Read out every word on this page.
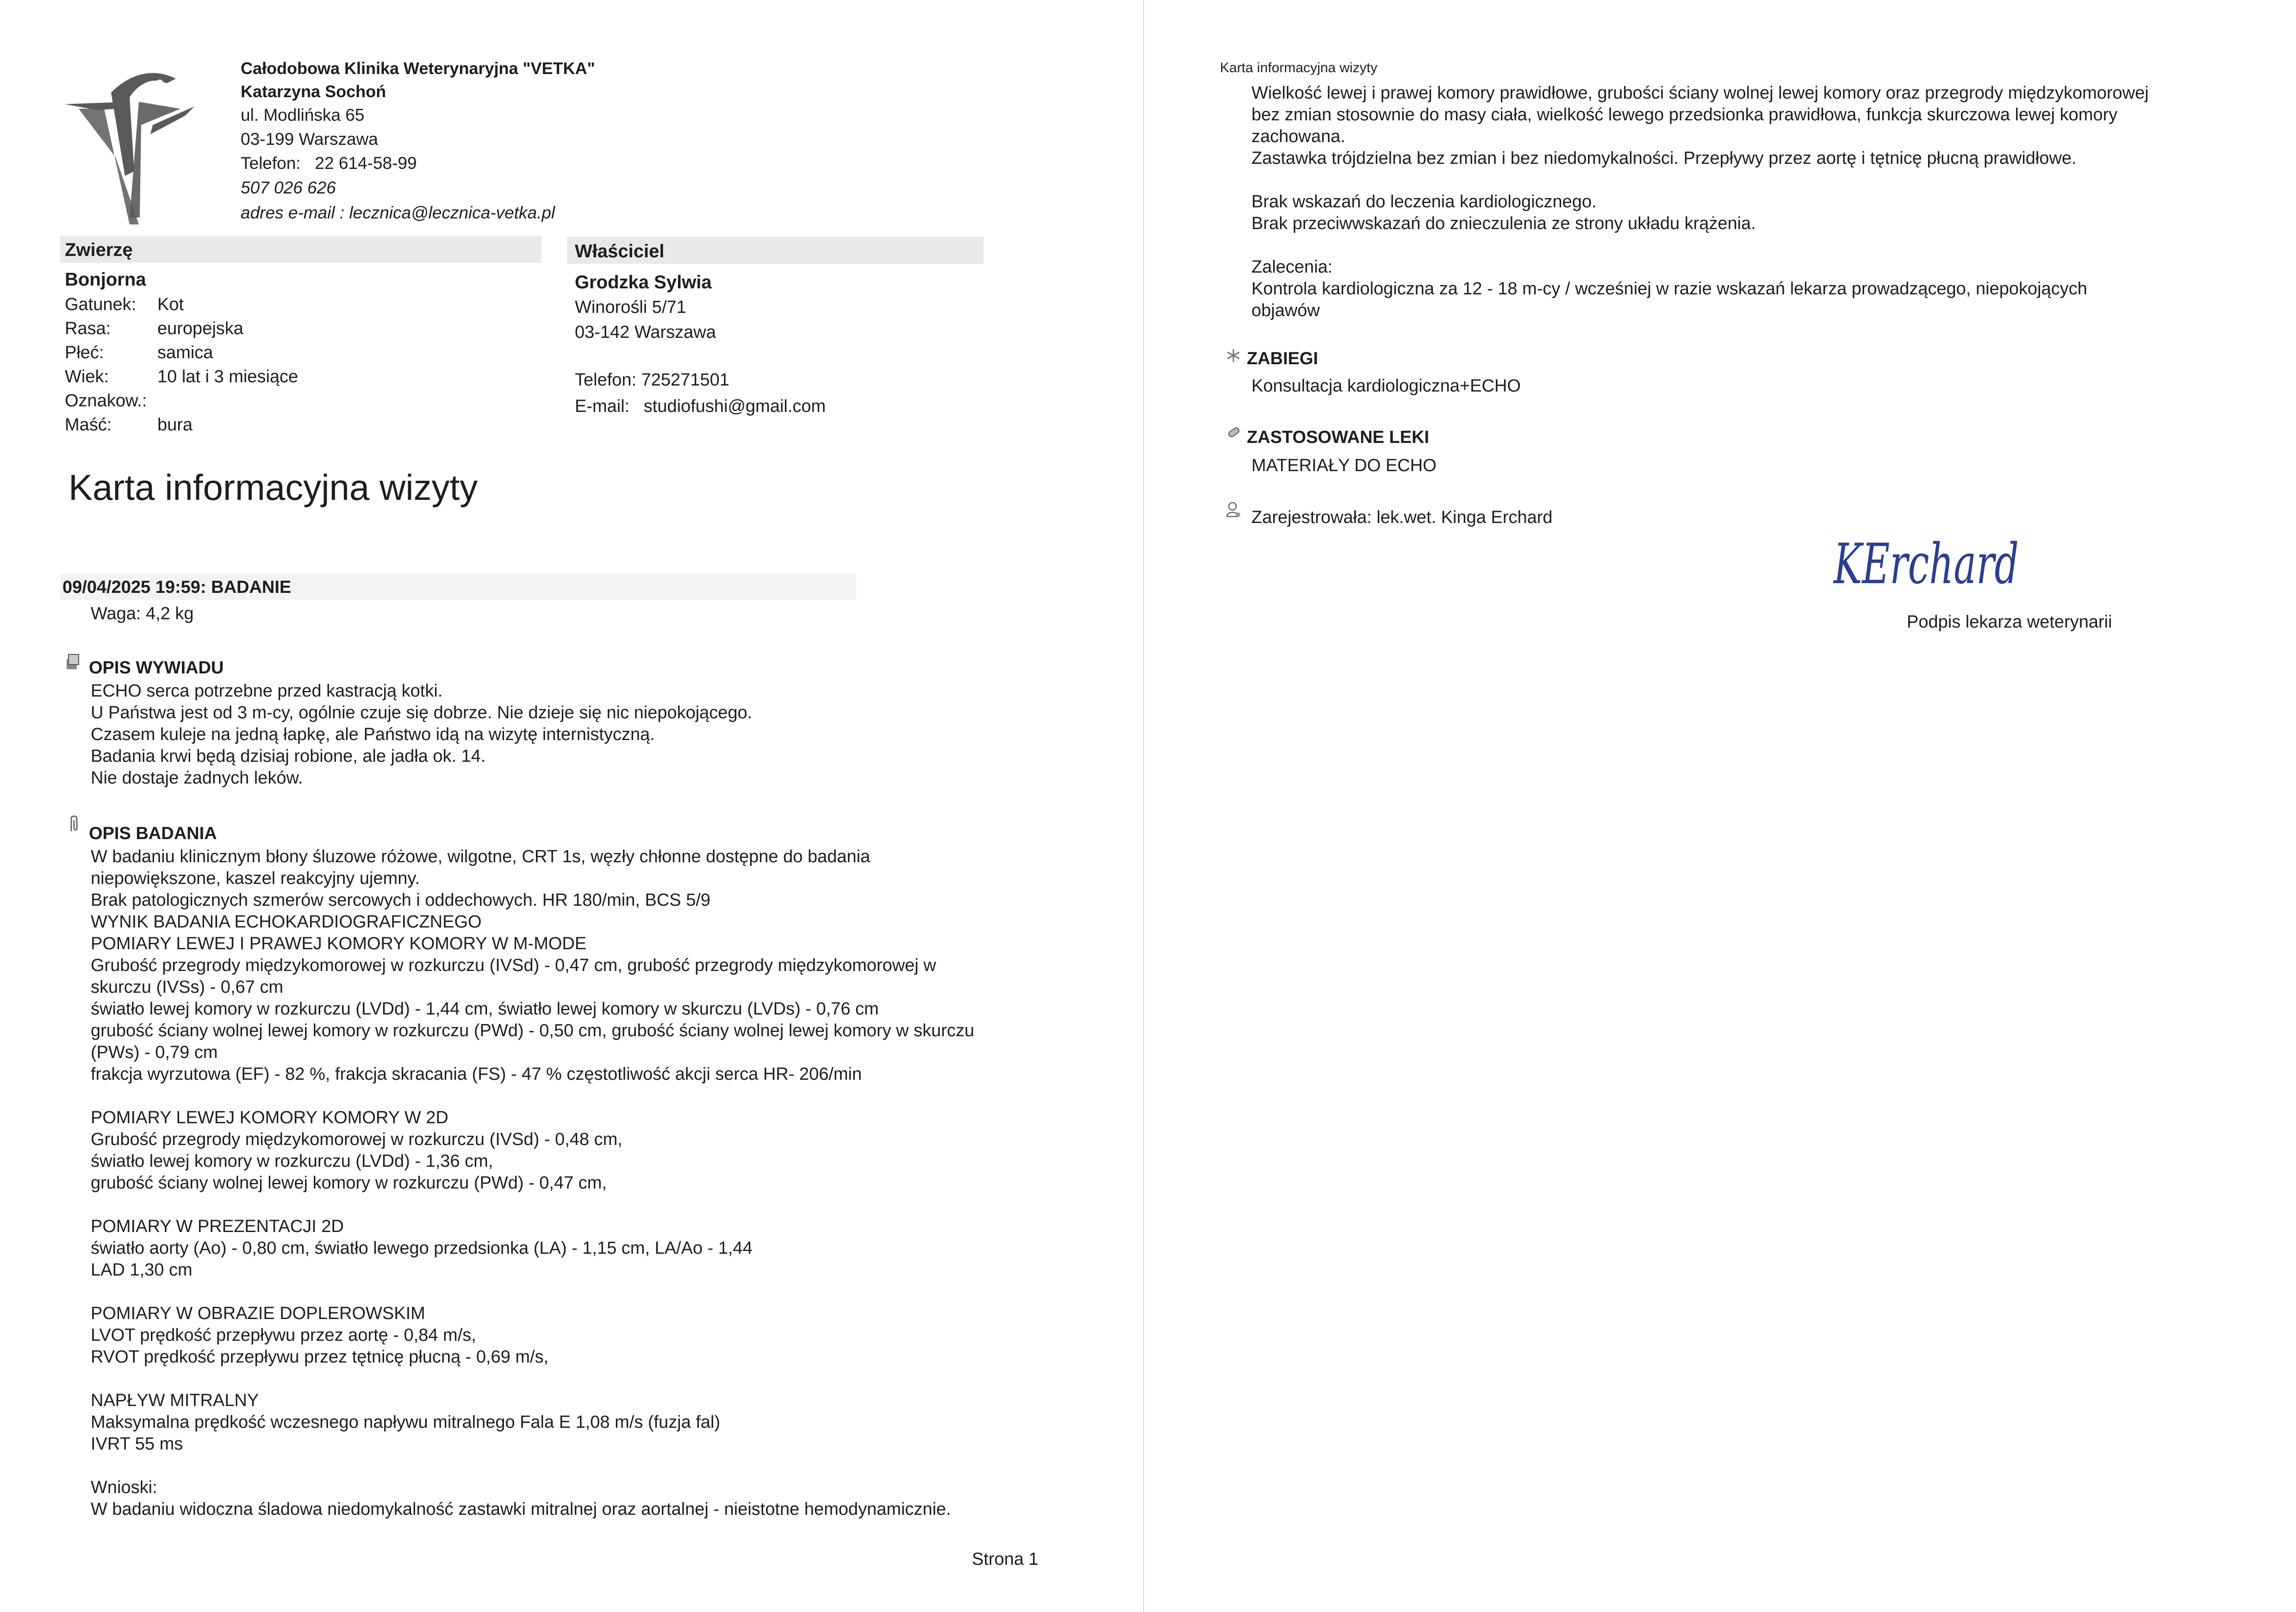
Całodobowa Klinika Weterynaryjna "VETKA"
Katarzyna Sochoń
ul. Modlińska 65
03-199 Warszawa
Telefon:   22 614-58-99
507 026 626
adres e-mail : lecznica@lecznica-vetka.pl
Zwierzę	Właściciel
Bonjorna
Gatunek: Kot
Rasa:	europejska
Płeć:	samica
Wiek:	10 lat i 3 miesiące
Oznakow.:
Maść:	bura
Grodzka Sylwia
Winorośli 5/71
03-142 Warszawa
Telefon: 725271501
E-mail: studiofushi@gmail.com
Karta informacyjna wizyty
09/04/2025 19:59: BADANIE
Waga: 4,2 kg
OPIS WYWIADU
ECHO serca potrzebne przed kastracją kotki.
U Państwa jest od 3 m-cy, ogólnie czuje się dobrze. Nie dzieje się nic niepokojącego.
Czasem kuleje na jedną łapkę, ale Państwo idą na wizytę internistyczną.
Badania krwi będą dzisiaj robione, ale jadła ok. 14.
Nie dostaje żadnych leków.
OPIS BADANIA
W badaniu klinicznym błony śluzowe różowe, wilgotne, CRT 1s, węzły chłonne dostępne do badania
niepowiększone, kaszel reakcyjny ujemny.
Brak patologicznych szmerów sercowych i oddechowych. HR 180/min, BCS 5/9
WYNIK BADANIA ECHOKARDIOGRAFICZNEGO
POMIARY LEWEJ I PRAWEJ KOMORY KOMORY W M-MODE
Grubość przegrody międzykomorowej w rozkurczu (IVSd) - 0,47 cm, grubość przegrody międzykomorowej w
skurczu (IVSs) - 0,67 cm
światło lewej komory w rozkurczu (LVDd) - 1,44 cm, światło lewej komory w skurczu (LVDs) - 0,76 cm
grubość ściany wolnej lewej komory w rozkurczu (PWd) - 0,50 cm, grubość ściany wolnej lewej komory w skurczu
(PWs) - 0,79 cm
frakcja wyrzutowa (EF) - 82 %, frakcja skracania (FS) - 47 % częstotliwość akcji serca HR- 206/min
POMIARY LEWEJ KOMORY KOMORY W 2D
Grubość przegrody międzykomorowej w rozkurczu (IVSd) - 0,48 cm,
światło lewej komory w rozkurczu (LVDd) - 1,36 cm,
grubość ściany wolnej lewej komory w rozkurczu (PWd) - 0,47 cm,
POMIARY W PREZENTACJI 2D
światło aorty (Ao) - 0,80 cm, światło lewego przedsionka (LA) - 1,15 cm, LA/Ao - 1,44
LAD 1,30 cm
POMIARY W OBRAZIE DOPLEROWSKIM
LVOT prędkość przepływu przez aortę - 0,84 m/s,
RVOT prędkość przepływu przez tętnicę płucną - 0,69 m/s,
NAPŁYW MITRALNY
Maksymalna prędkość wczesnego napływu mitralnego Fala E 1,08 m/s (fuzja fal)
IVRT 55 ms
Wnioski:
W badaniu widoczna śladowa niedomykalność zastawki mitralnej oraz aortalnej - nieistotne hemodynamicznie.
Strona 1
Karta informacyjna wizyty
Wielkość lewej i prawej komory prawidłowe, grubości ściany wolnej lewej komory oraz przegrody międzykomorowej
bez zmian stosownie do masy ciała, wielkość lewego przedsionka prawidłowa, funkcja skurczowa lewej komory
zachowana.
Zastawka trójdzielna bez zmian i bez niedomykalności. Przepływy przez aortę i tętnicę płucną prawidłowe.
Brak wskazań do leczenia kardiologicznego.
Brak przeciwwskazań do znieczulenia ze strony układu krążenia.
Zalecenia:
Kontrola kardiologiczna za 12 - 18 m-cy / wcześniej w razie wskazań lekarza prowadzącego, niepokojących
objawów
ZABIEGI
Konsultacja kardiologiczna+ECHO
ZASTOSOWANE LEKI
MATERIAŁY DO ECHO
Zarejestrowała: lek.wet. Kinga Erchard
KErchard
Podpis lekarza weterynarii
